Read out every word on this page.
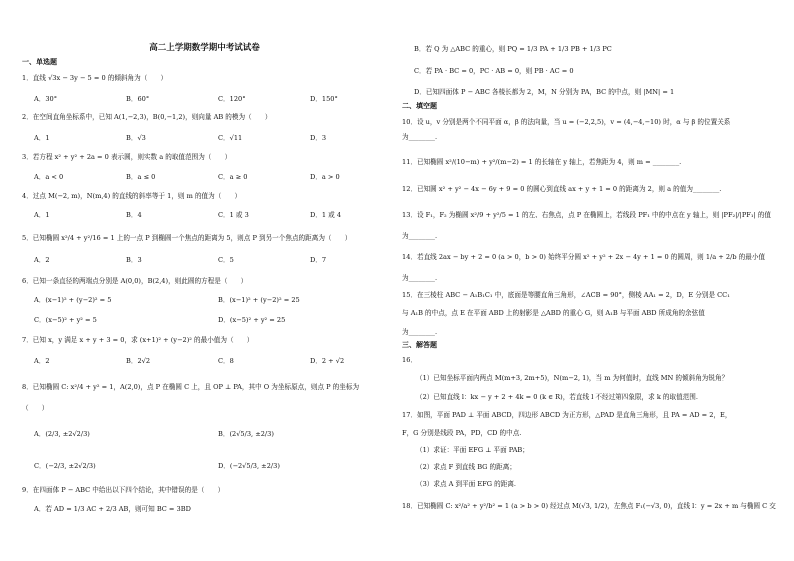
高二上学期数学期中考试试卷
一、单选题
1．直线 √3x − 3y − 5 = 0 的倾斜角为（　　）
A．30°	B．60°	C．120°	D．150°
2．在空间直角坐标系中，已知 A(1,−2,3)，B(0,−1,2)，则向量 AB 的模为（　　）
A．1	B．√3	C．√11	D．3
3．若方程 x² + y² + 2a = 0 表示圆，则实数 a 的取值范围为（　　）
A．a < 0	B．a ≤ 0	C．a ≥ 0	D．a > 0
4．过点 M(−2, m)，N(m,4) 的直线的斜率等于 1，则 m 的值为（　　）
A．1	B．4	C．1 或 3	D．1 或 4
5．已知椭圆 x²/4 + y²/16 = 1 上的一点 P 到椭圆一个焦点的距离为 5，则点 P 到另一个焦点的距离为（　　）
A．2	B．3	C．5	D．7
6．已知一条直径的两端点分别是 A(0,0)，B(2,4)，则此圆的方程是（　　）
A．(x−1)² + (y−2)² = 5	B．(x−1)² + (y−2)² = 25
C．(x−5)² + y² = 5	D．(x−5)² + y² = 25
7．已知 x，y 满足 x + y + 3 = 0，求 (x+1)² + (y−2)² 的最小值为（　　）
A．2	B．2√2	C．8	D．2 + √2
8．已知椭圆 C: x²/4 + y² = 1，A(2,0)，点 P 在椭圆 C 上，且 OP ⊥ PA，其中 O 为坐标原点，则点 P 的坐标为
（　　）
A．(2/3, ±2√2/3)	B．(2√5/3, ±2/3)
C．(−2/3, ±2√2/3)	D．(−2√5/3, ±2/3)
9．在四面体 P − ABC 中给出以下四个结论，其中错误的是（　　）
A．若 AD = 1/3 AC + 2/3 AB，则可知 BC = 3BD
B．若 Q 为 △ABC 的重心，则 PQ = 1/3 PA + 1/3 PB + 1/3 PC
C．若 PA · BC = 0，PC · AB = 0，则 PB · AC = 0
D．已知四面体 P − ABC 各棱长都为 2，M，N 分别为 PA，BC 的中点，则 |MN| = 1
二、填空题
10．设 u，v 分别是两个不同平面 α，β 的法向量，当 u = (−2,2,5)，v = (4,−4,−10) 时，α 与 β 的位置关系
为________.
11．已知椭圆 x²/(10−m) + y²/(m−2) = 1 的长轴在 y 轴上，若焦距为 4，则 m = ________.
12．已知圆 x² + y² − 4x − 6y + 9 = 0 的圆心到直线 ax + y + 1 = 0 的距离为 2，则 a 的值为________.
13．设 F₁，F₂ 为椭圆 x²/9 + y²/5 = 1 的左、右焦点，点 P 在椭圆上，若线段 PF₁ 中的中点在 y 轴上，则 |PF₂|/|PF₁| 的值
为________.
14．若直线 2ax − by + 2 = 0 (a > 0，b > 0) 始终平分圆 x² + y² + 2x − 4y + 1 = 0 的圆周，则 1/a + 2/b 的最小值
为________.
15．在三棱柱 ABC − A₁B₁C₁ 中，底面是等腰直角三角形，∠ACB = 90°，侧棱 AA₁ = 2，D，E 分别是 CC₁
与 A₁B 的中点，点 E 在平面 ABD 上的射影是 △ABD 的重心 G，则 A₁B 与平面 ABD 所成角的余弦值
为________.
三、解答题
16．
（1）已知坐标平面内两点 M(m+3, 2m+5)，N(m−2, 1)，当 m 为何值时，直线 MN 的倾斜角为锐角？
（2）已知直线 l：kx − y + 2 + 4k = 0 (k ∈ R)，若直线 l 不经过第四象限，求 k 的取值范围.
17．如图，平面 PAD ⊥ 平面 ABCD，四边形 ABCD 为正方形，△PAD 是直角三角形，且 PA = AD = 2，E，
F，G 分别是线段 PA，PD，CD 的中点.
（1）求证：平面 EFG ⊥ 平面 PAB；
（2）求点 F 到直线 BG 的距离；
（3）求点 A 到平面 EFG 的距离.
18．已知椭圆 C: x²/a² + y²/b² = 1 (a > b > 0) 经过点 M(√3, 1/2)，左焦点 F₁(−√3, 0)，直线 l：y = 2x + m 与椭圆 C 交
